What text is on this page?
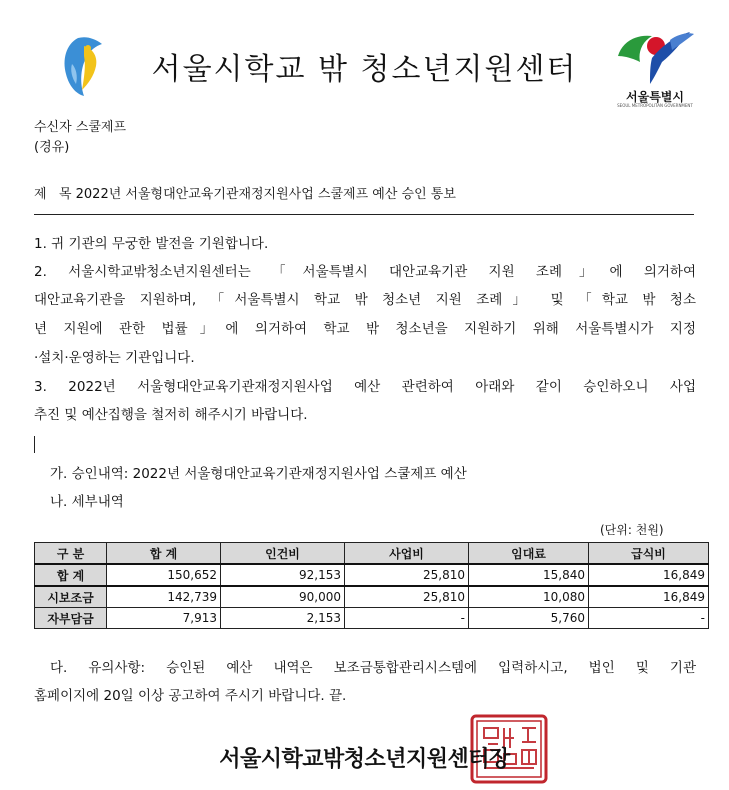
서울시학교 밖 청소년지원센터
서울특별시
SEOUL METROPOLITAN GOVERNMENT
수신자 스쿨제프
(경유)
제   목 2022년 서울형대안교육기관재정지원사업 스쿨제프 예산 승인 통보
1. 귀 기관의 무궁한 발전을 기원합니다.
2. 서울시학교밖청소년지원센터는 「서울특별시 대안교육기관 지원 조례」에 의거하여
대안교육기관을 지원하며, 「서울특별시 학교 밖 청소년 지원 조례」 및 「학교 밖 청소
년 지원에 관한 법률」에 의거하여 학교 밖 청소년을 지원하기 위해 서울특별시가 지정
·설치·운영하는 기관입니다.
3. 2022년 서울형대안교육기관재정지원사업 예산 관련하여 아래와 같이 승인하오니 사업
추진 및 예산집행을 철저히 해주시기 바랍니다.
가. 승인내역: 2022년 서울형대안교육기관재정지원사업 스쿨제프 예산
나. 세부내역
(단위: 천원)
구 분	합 계	인건비	사업비	임대료	급식비
합 계	150,652	92,153	25,810	15,840	16,849
시보조금	142,739	90,000	25,810	10,080	16,849
자부담금	7,913	2,153	-	5,760	-
다. 유의사항: 승인된 예산 내역은 보조금통합관리시스템에 입력하시고, 법인 및 기관
홈페이지에 20일 이상 공고하여 주시기 바랍니다. 끝.
서울시학교밖청소년지원센터장
